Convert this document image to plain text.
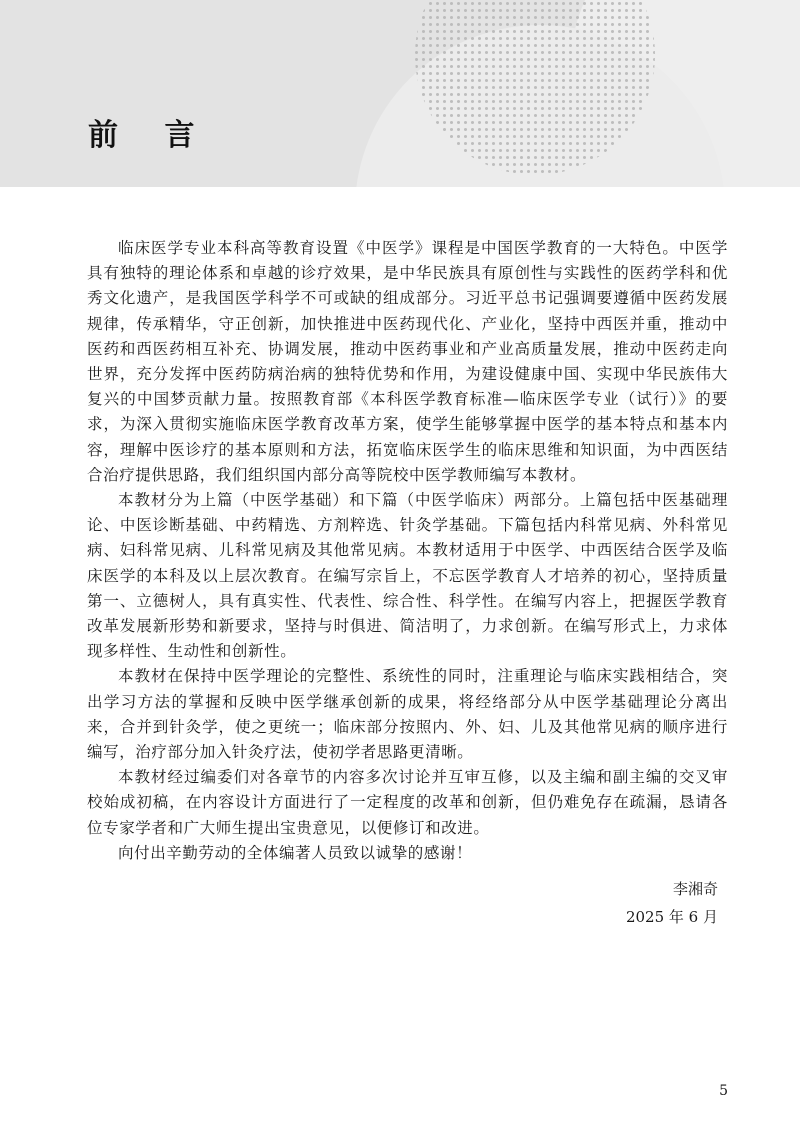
前 言

临床医学专业本科高等教育设置《中医学》课程是中国医学教育的一大特色。中医学具有独特的理论体系和卓越的诊疗效果，是中华民族具有原创性与实践性的医药学科和优秀文化遗产，是我国医学科学不可或缺的组成部分。习近平总书记强调要遵循中医药发展规律，传承精华，守正创新，加快推进中医药现代化、产业化，坚持中西医并重，推动中医药和西医药相互补充、协调发展，推动中医药事业和产业高质量发展，推动中医药走向世界，充分发挥中医药防病治病的独特优势和作用，为建设健康中国、实现中华民族伟大复兴的中国梦贡献力量。按照教育部《本科医学教育标准—临床医学专业（试行）》的要求，为深入贯彻实施临床医学教育改革方案，使学生能够掌握中医学的基本特点和基本内容，理解中医诊疗的基本原则和方法，拓宽临床医学生的临床思维和知识面，为中西医结合治疗提供思路，我们组织国内部分高等院校中医学教师编写本教材。

本教材分为上篇（中医学基础）和下篇（中医学临床）两部分。上篇包括中医基础理论、中医诊断基础、中药精选、方剂粹选、针灸学基础。下篇包括内科常见病、外科常见病、妇科常见病、儿科常见病及其他常见病。本教材适用于中医学、中西医结合医学及临床医学的本科及以上层次教育。在编写宗旨上，不忘医学教育人才培养的初心，坚持质量第一、立德树人，具有真实性、代表性、综合性、科学性。在编写内容上，把握医学教育改革发展新形势和新要求，坚持与时俱进、简洁明了，力求创新。在编写形式上，力求体现多样性、生动性和创新性。

本教材在保持中医学理论的完整性、系统性的同时，注重理论与临床实践相结合，突出学习方法的掌握和反映中医学继承创新的成果，将经络部分从中医学基础理论分离出来，合并到针灸学，使之更统一；临床部分按照内、外、妇、儿及其他常见病的顺序进行编写，治疗部分加入针灸疗法，使初学者思路更清晰。

本教材经过编委们对各章节的内容多次讨论并互审互修，以及主编和副主编的交叉审校始成初稿，在内容设计方面进行了一定程度的改革和创新，但仍难免存在疏漏，恳请各位专家学者和广大师生提出宝贵意见，以便修订和改进。

向付出辛勤劳动的全体编著人员致以诚挚的感谢！

李湘奇
2025 年 6 月
5
